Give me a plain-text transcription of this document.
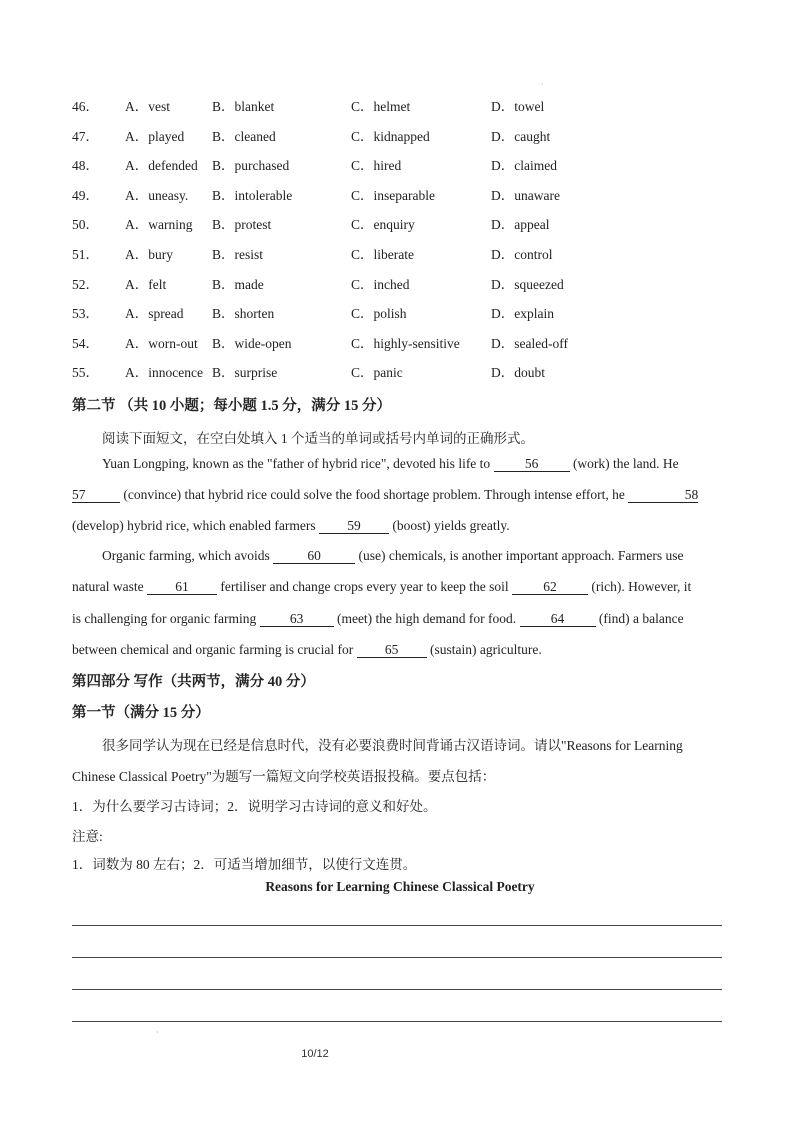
·
46． A．vest	B．blanket	C．helmet	D．towel
47． A．played B．cleaned	C．kidnapped	D．caught
48． A．defended B．purchased	C．hired	D．claimed
49． A．uneasy. B．intolerable	C．inseparable	D．unaware
50． A．warning B．protest	C．enquiry	D．appeal
51． A．bury	B．resist	C．liberate	D．control
52． A．felt	B．made	C．inched	D．squeezed
53． A．spread B．shorten	C．polish	D．explain
54． A．worn-out B．wide-open	C．highly-sensitive D．sealed-off
55． A．innocence B．surprise	C．panic	D．doubt
第二节 （共 10 小题；每小题 1.5 分，满分 15 分）
阅读下面短文，在空白处填入 1 个适当的单词或括号内单词的正确形式。
Yuan Longping, known as the "father of hybrid rice", devoted his life to 56 (work) the land. He
57	(convince) that hybrid rice could solve the food shortage problem. Through intense effort, he	58
(develop) hybrid rice, which enabled farmers 59 (boost) yields greatly.
Organic farming, which avoids	60	(use) chemicals, is another important approach. Farmers use
natural waste 61 fertiliser and change crops every year to keep the soil 62 (rich). However, it
is challenging for organic farming 63 (meet) the high demand for food. 64 (find) a balance
between chemical and organic farming is crucial for 65 (sustain) agriculture.
第四部分 写作（共两节，满分 40 分）
第一节（满分 15 分）
很多同学认为现在已经是信息时代，没有必要浪费时间背诵古汉语诗词。请以"Reasons for Learning
Chinese Classical Poetry"为题写一篇短文向学校英语报投稿。要点包括：
1．为什么要学习古诗词；2．说明学习古诗词的意义和好处。
注意:
1．词数为 80 左右；2．可适当增加细节，以使行文连贯。
Reasons for Learning Chinese Classical Poetry
·
10/12
